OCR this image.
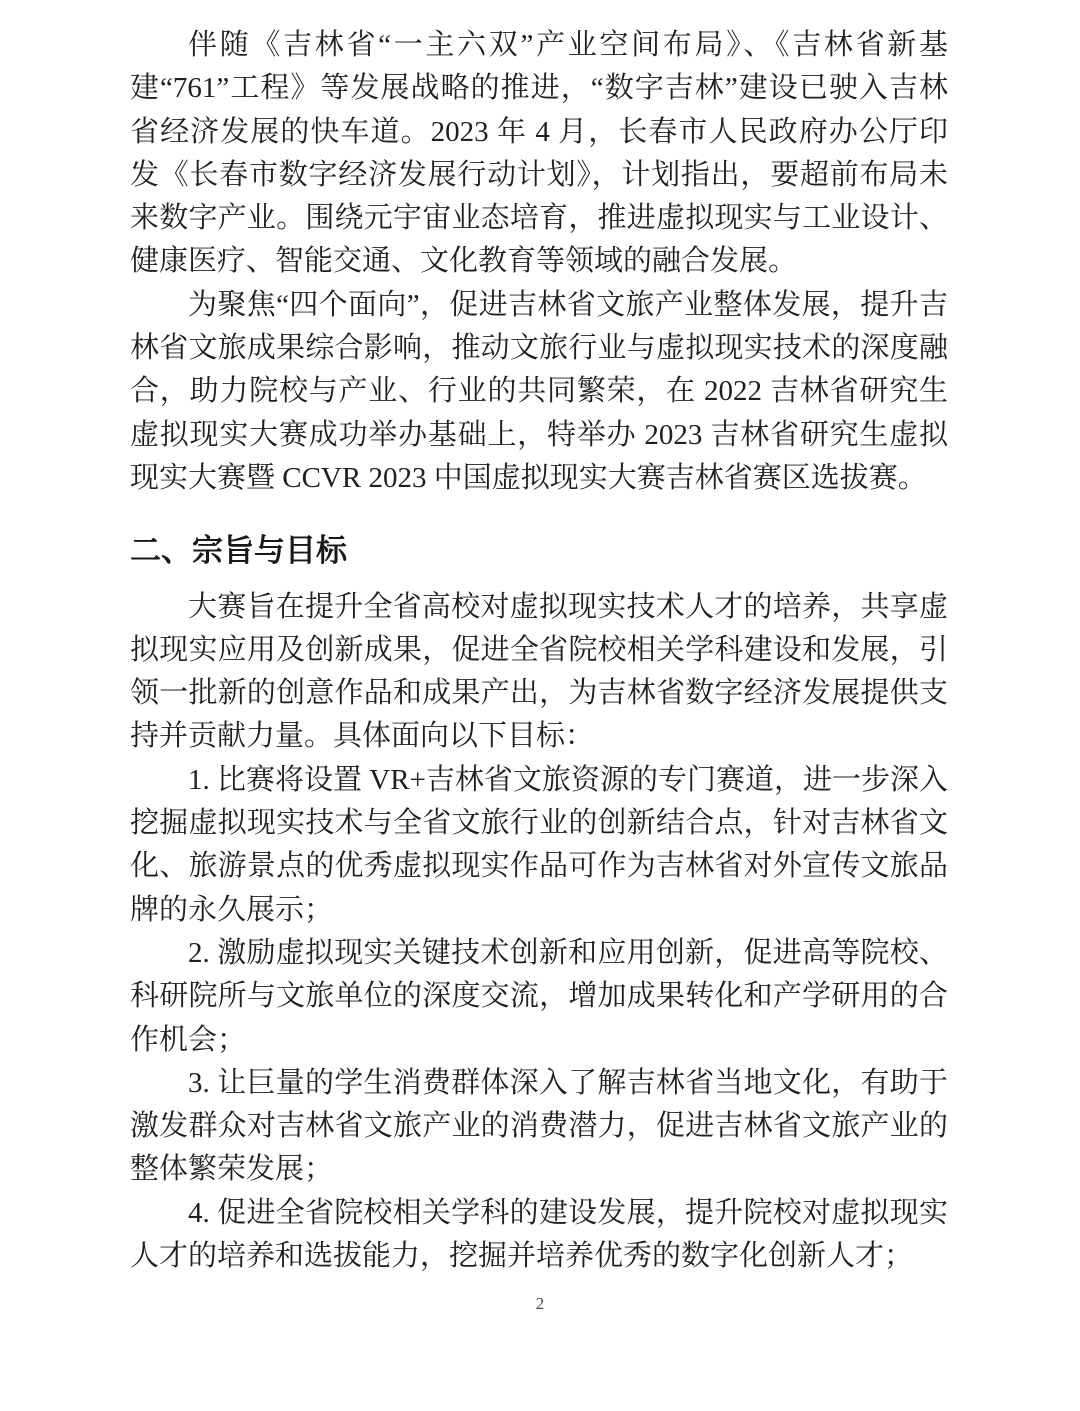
伴随《吉林省“一主六双”产业空间布局》、《吉林省新基建“761”工程》等发展战略的推进，“数字吉林”建设已驶入吉林省经济发展的快车道。2023 年 4 月，长春市人民政府办公厅印发《长春市数字经济发展行动计划》，计划指出，要超前布局未来数字产业。围绕元宇宙业态培育，推进虚拟现实与工业设计、健康医疗、智能交通、文化教育等领域的融合发展。

为聚焦“四个面向”，促进吉林省文旅产业整体发展，提升吉林省文旅成果综合影响，推动文旅行业与虚拟现实技术的深度融合，助力院校与产业、行业的共同繁荣，在 2022 吉林省研究生虚拟现实大赛成功举办基础上，特举办 2023 吉林省研究生虚拟现实大赛暨 CCVR 2023 中国虚拟现实大赛吉林省赛区选拔赛。

二、宗旨与目标

大赛旨在提升全省高校对虚拟现实技术人才的培养，共享虚拟现实应用及创新成果，促进全省院校相关学科建设和发展，引领一批新的创意作品和成果产出，为吉林省数字经济发展提供支持并贡献力量。具体面向以下目标：

1. 比赛将设置 VR+吉林省文旅资源的专门赛道，进一步深入挖掘虚拟现实技术与全省文旅行业的创新结合点，针对吉林省文化、旅游景点的优秀虚拟现实作品可作为吉林省对外宣传文旅品牌的永久展示；

2. 激励虚拟现实关键技术创新和应用创新，促进高等院校、科研院所与文旅单位的深度交流，增加成果转化和产学研用的合作机会；

3. 让巨量的学生消费群体深入了解吉林省当地文化，有助于激发群众对吉林省文旅产业的消费潜力，促进吉林省文旅产业的整体繁荣发展；

4. 促进全省院校相关学科的建设发展，提升院校对虚拟现实人才的培养和选拔能力，挖掘并培养优秀的数字化创新人才；

2
